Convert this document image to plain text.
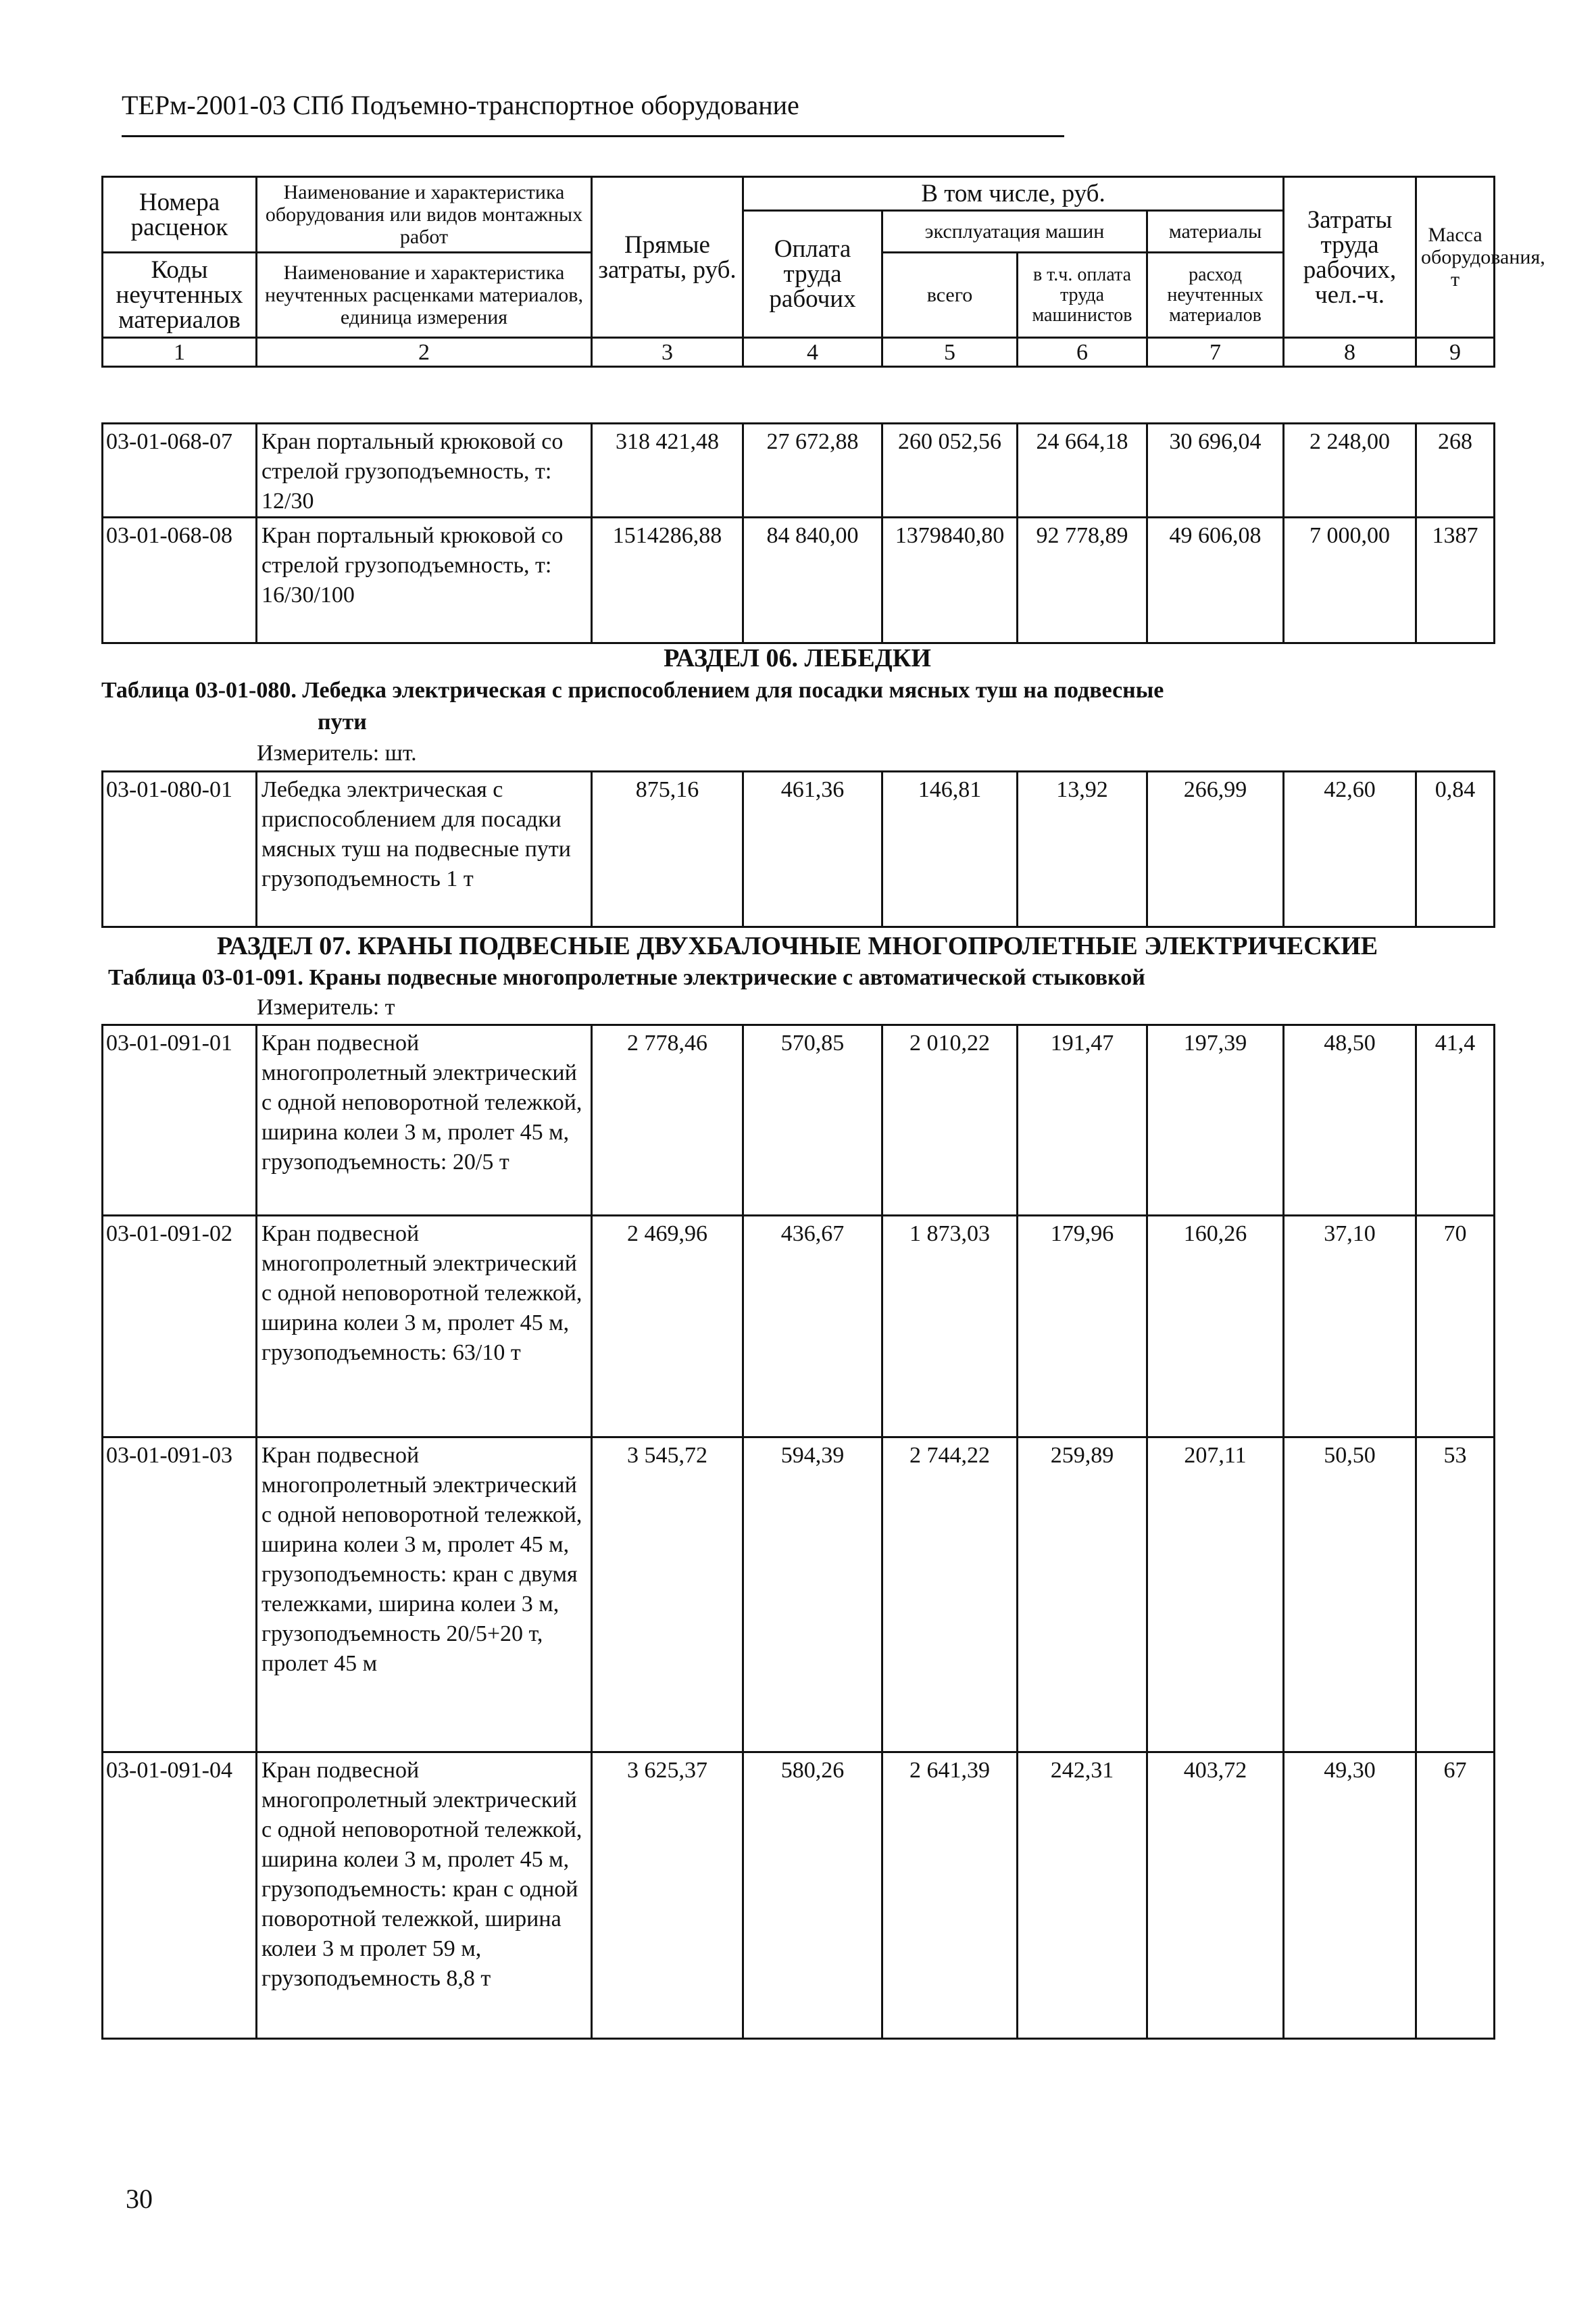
ТЕРм-2001-03 СПб Подъемно-транспортное оборудование
Номера расценок	Наименование и характеристика оборудования или видов монтажных работ	Прямые затраты, руб.	В том числе, руб.				Затраты труда рабочих, чел.-ч.	Масса оборудования, т
			Оплата труда рабочих	эксплуатация машин		материалы		
Коды неучтенных материалов	Наименование и характеристика неучтенных расценками материалов, единица измерения			всего	в т.ч. оплата труда машинистов	расход неучтенных материалов		

1	2	3	4	5	6	7	8	9
03-01-068-07	Кран портальный крюковой со стрелой грузоподъемность, т: 12/30	318 421,48	27 672,88	260 052,56	24 664,18	30 696,04	2 248,00	268
03-01-068-08	Кран портальный крюковой со стрелой грузоподъемность, т: 16/30/100	1514286,88	84 840,00	1379840,80	92 778,89	49 606,08	7 000,00	1387
РАЗДЕЛ 06. ЛЕБЕДКИ
Таблица 03-01-080. Лебедка электрическая с приспособлением для посадки мясных туш на подвесные
пути
Измеритель: шт.
03-01-080-01	Лебедка электрическая с приспособлением для посадки мясных туш на подвесные пути грузоподъемность 1 т	875,16	461,36	146,81	13,92	266,99	42,60	0,84
РАЗДЕЛ 07. КРАНЫ ПОДВЕСНЫЕ ДВУХБАЛОЧНЫЕ МНОГОПРОЛЕТНЫЕ ЭЛЕКТРИЧЕСКИЕ
Таблица 03-01-091. Краны подвесные многопролетные электрические с автоматической стыковкой
Измеритель: т
03-01-091-01	Кран подвесной многопролетный электрический с одной неповоротной тележкой, ширина колеи 3 м, пролет 45 м, грузоподъемность: 20/5 т	2 778,46	570,85	2 010,22	191,47	197,39	48,50	41,4
03-01-091-02	Кран подвесной многопролетный электрический с одной неповоротной тележкой, ширина колеи 3 м, пролет 45 м, грузоподъемность: 63/10 т	2 469,96	436,67	1 873,03	179,96	160,26	37,10	70
03-01-091-03	Кран подвесной многопролетный электрический с одной неповоротной тележкой, ширина колеи 3 м, пролет 45 м, грузоподъемность: кран с двумя тележками, ширина колеи 3 м, грузоподъемность 20/5+20 т, пролет 45 м	3 545,72	594,39	2 744,22	259,89	207,11	50,50	53
03-01-091-04	Кран подвесной многопролетный электрический с одной неповоротной тележкой, ширина колеи 3 м, пролет 45 м, грузоподъемность: кран с одной поворотной тележкой, ширина колеи 3 м пролет 59 м, грузоподъемность 8,8 т	3 625,37	580,26	2 641,39	242,31	403,72	49,30	67
30
